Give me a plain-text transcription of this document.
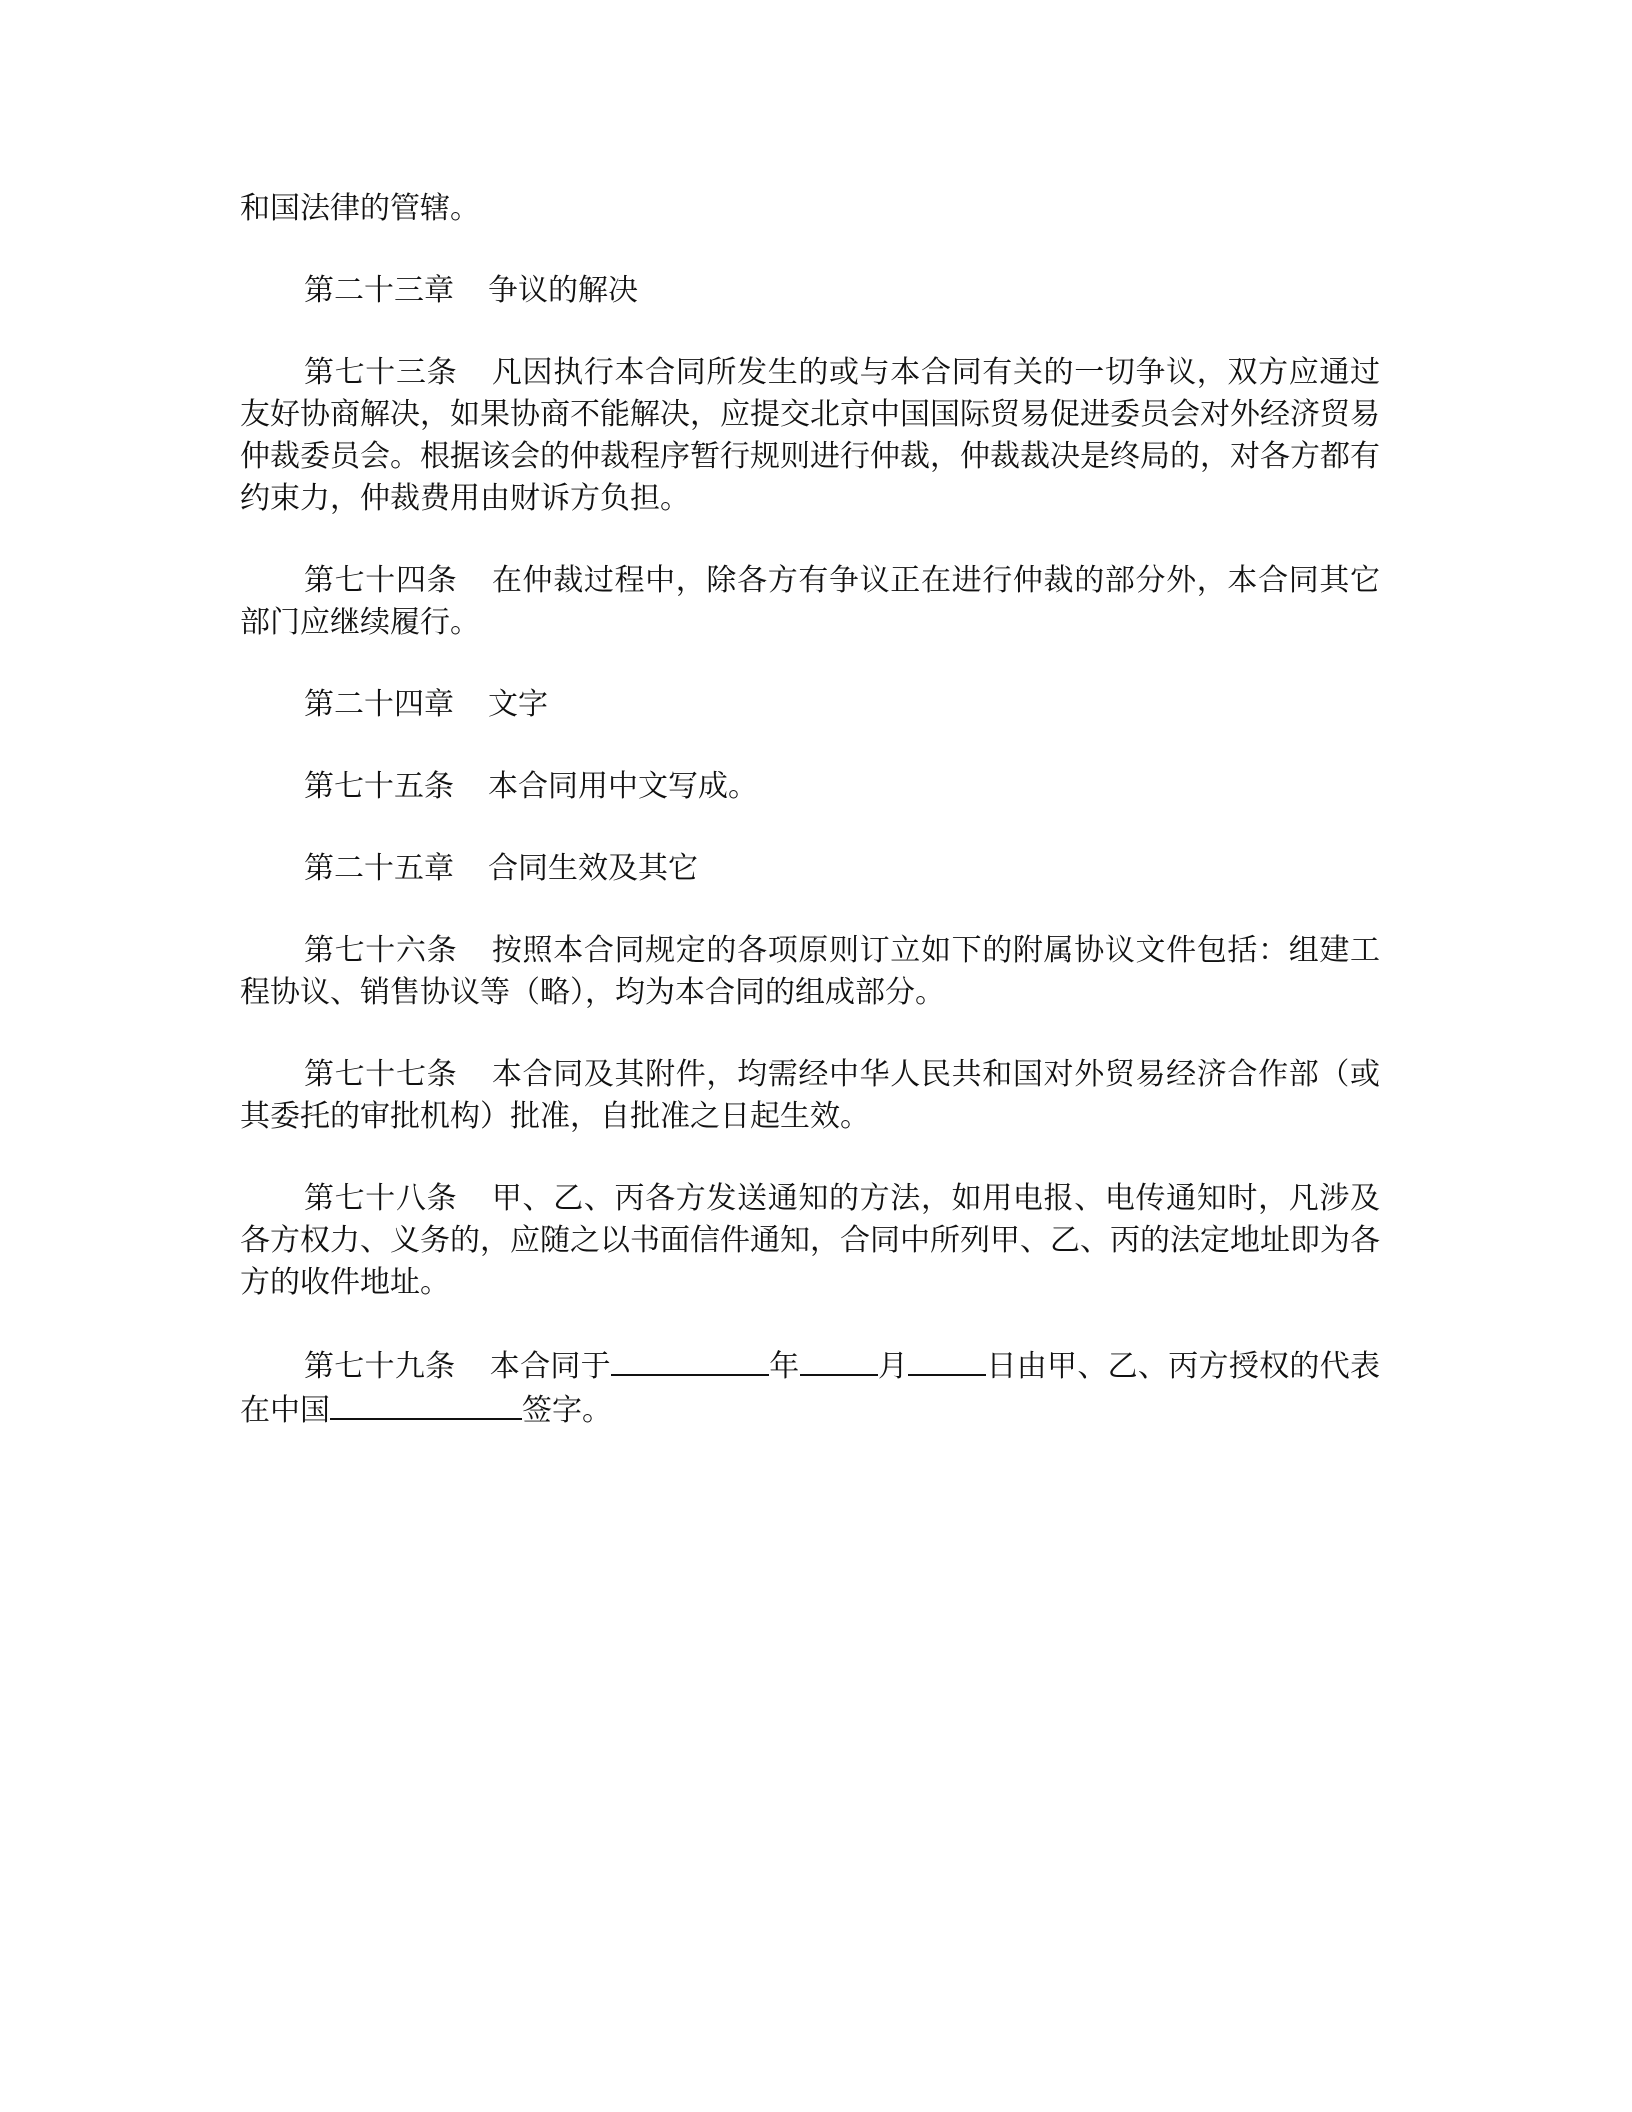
和国法律的管辖。

第二十三章 争议的解决

第七十三条 凡因执行本合同所发生的或与本合同有关的一切争议，双方应通过友好协商解决，如果协商不能解决，应提交北京中国国际贸易促进委员会对外经济贸易仲裁委员会。根据该会的仲裁程序暂行规则进行仲裁，仲裁裁决是终局的，对各方都有约束力，仲裁费用由财诉方负担。

第七十四条 在仲裁过程中，除各方有争议正在进行仲裁的部分外，本合同其它部门应继续履行。

第二十四章 文字

第七十五条 本合同用中文写成。

第二十五章 合同生效及其它

第七十六条 按照本合同规定的各项原则订立如下的附属协议文件包括：组建工程协议、销售协议等（略），均为本合同的组成部分。

第七十七条 本合同及其附件，均需经中华人民共和国对外贸易经济合作部（或其委托的审批机构）批准，自批准之日起生效。

第七十八条 甲、乙、丙各方发送通知的方法，如用电报、电传通知时，凡涉及各方权力、义务的，应随之以书面信件通知，合同中所列甲、乙、丙的法定地址即为各方的收件地址。

第七十九条 本合同于	年	月	日由甲、乙、丙方授权的代表在中国	签字。
